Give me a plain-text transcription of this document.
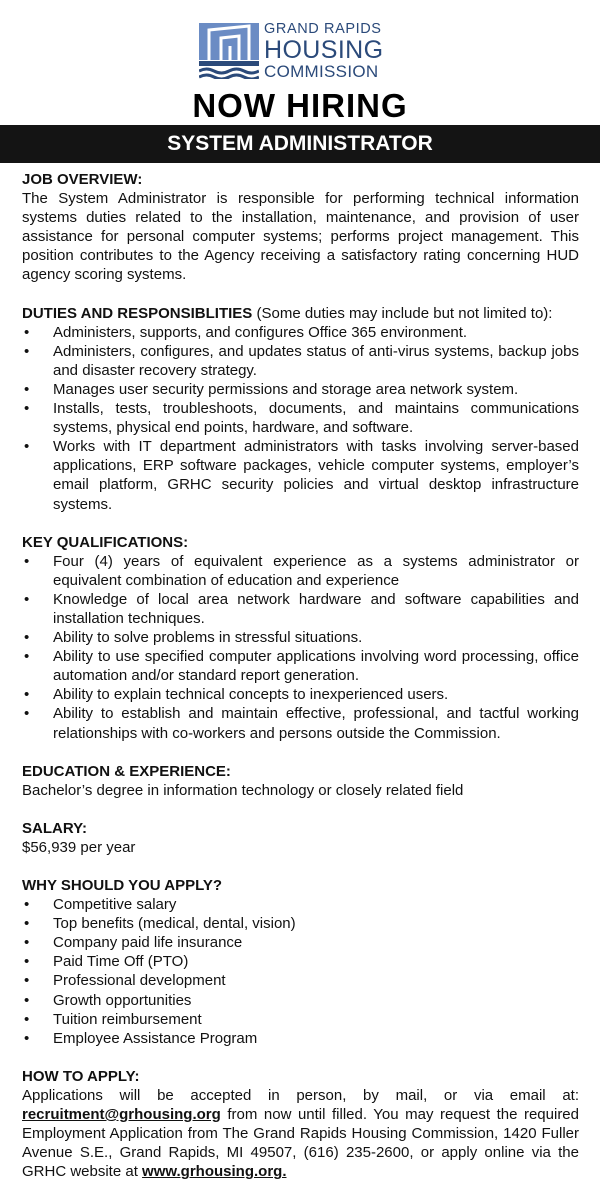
GRAND RAPIDS
HOUSING
COMMISSION
NOW HIRING
SYSTEM ADMINISTRATOR
JOB OVERVIEW:
The System Administrator is responsible for performing technical information systems duties related to the installation, maintenance, and provision of user assistance for personal computer systems; performs project management. This position contributes to the Agency receiving a satisfactory rating concerning HUD agency scoring systems.
DUTIES AND RESPONSIBLITIES (Some duties may include but not limited to):
• Administers, supports, and configures Office 365 environment.
• Administers, configures, and updates status of anti-virus systems, backup jobs and disaster recovery strategy.
• Manages user security permissions and storage area network system.
• Installs, tests, troubleshoots, documents, and maintains communications systems, physical end points, hardware, and software.
• Works with IT department administrators with tasks involving server-based applications, ERP software packages, vehicle computer systems, employer’s email platform, GRHC security policies and virtual desktop infrastructure systems.
KEY QUALIFICATIONS:
• Four (4) years of equivalent experience as a systems administrator or equivalent combination of education and experience
• Knowledge of local area network hardware and software capabilities and installation techniques.
• Ability to solve problems in stressful situations.
• Ability to use specified computer applications involving word processing, office automation and/or standard report generation.
• Ability to explain technical concepts to inexperienced users.
• Ability to establish and maintain effective, professional, and tactful working relationships with co-workers and persons outside the Commission.
EDUCATION & EXPERIENCE:
Bachelor’s degree in information technology or closely related field
SALARY:
$56,939 per year
WHY SHOULD YOU APPLY?
• Competitive salary
• Top benefits (medical, dental, vision)
• Company paid life insurance
• Paid Time Off (PTO)
• Professional development
• Growth opportunities
• Tuition reimbursement
• Employee Assistance Program
HOW TO APPLY:
Applications will be accepted in person, by mail, or via email at: recruitment@grhousing.org from now until filled. You may request the required Employment Application from The Grand Rapids Housing Commission, 1420 Fuller Avenue S.E., Grand Rapids, MI 49507, (616) 235-2600, or apply online via the GRHC website at www.grhousing.org.
